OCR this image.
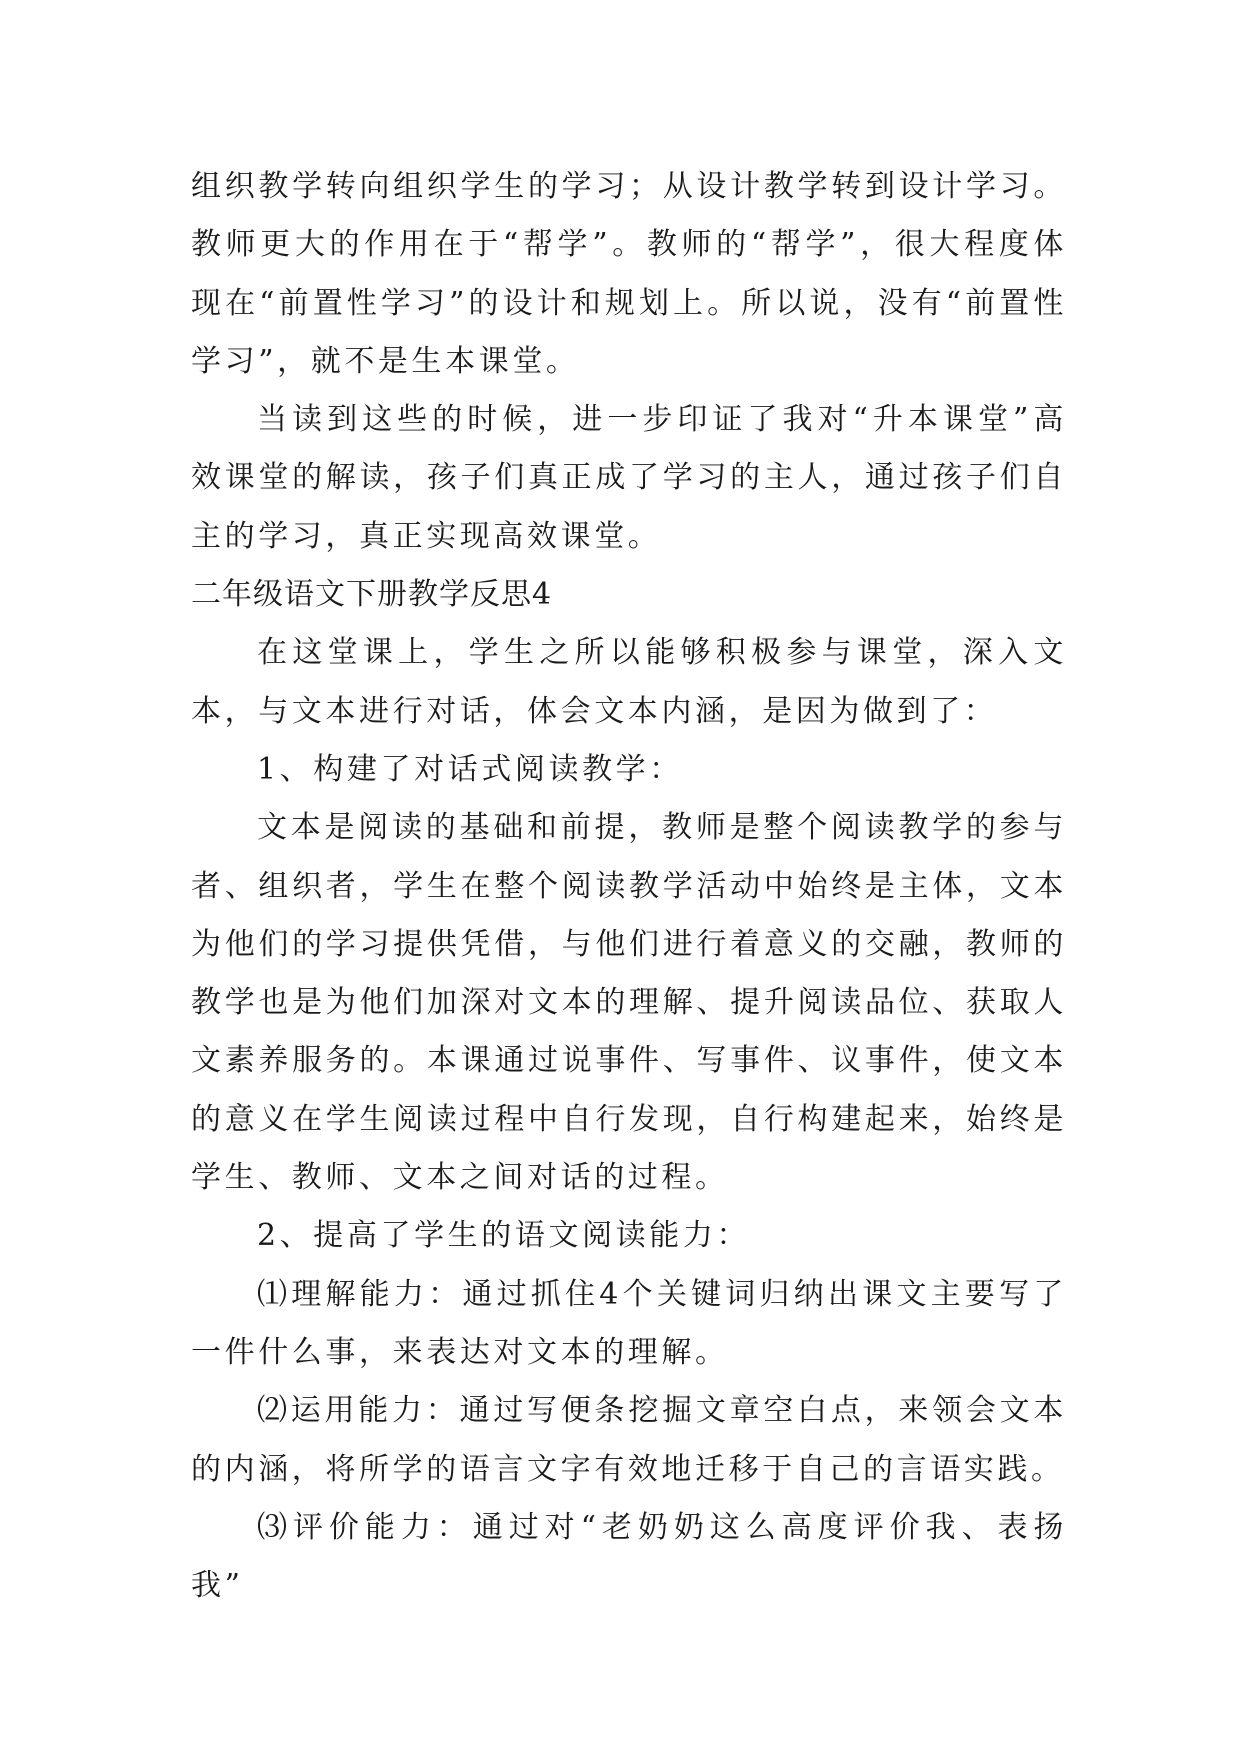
组织教学转向组织学生的学习；从设计教学转到设计学习。教师更大的作用在于“帮学”。教师的“帮学”，很大程度体现在“前置性学习”的设计和规划上。所以说，没有“前置性学习”，就不是生本课堂。

当读到这些的时候，进一步印证了我对“升本课堂”高效课堂的解读，孩子们真正成了学习的主人，通过孩子们自主的学习，真正实现高效课堂。

二年级语文下册教学反思4

在这堂课上，学生之所以能够积极参与课堂，深入文本，与文本进行对话，体会文本内涵，是因为做到了：

1、构建了对话式阅读教学：

文本是阅读的基础和前提，教师是整个阅读教学的参与者、组织者，学生在整个阅读教学活动中始终是主体，文本为他们的学习提供凭借，与他们进行着意义的交融，教师的教学也是为他们加深对文本的理解、提升阅读品位、获取人文素养服务的。本课通过说事件、写事件、议事件，使文本的意义在学生阅读过程中自行发现，自行构建起来，始终是学生、教师、文本之间对话的过程。

2、提高了学生的语文阅读能力：

⑴理解能力：通过抓住4个关键词归纳出课文主要写了一件什么事，来表达对文本的理解。

⑵运用能力：通过写便条挖掘文章空白点，来领会文本的内涵，将所学的语言文字有效地迁移于自己的言语实践。

⑶评价能力：通过对“老奶奶这么高度评价我、表扬我”
